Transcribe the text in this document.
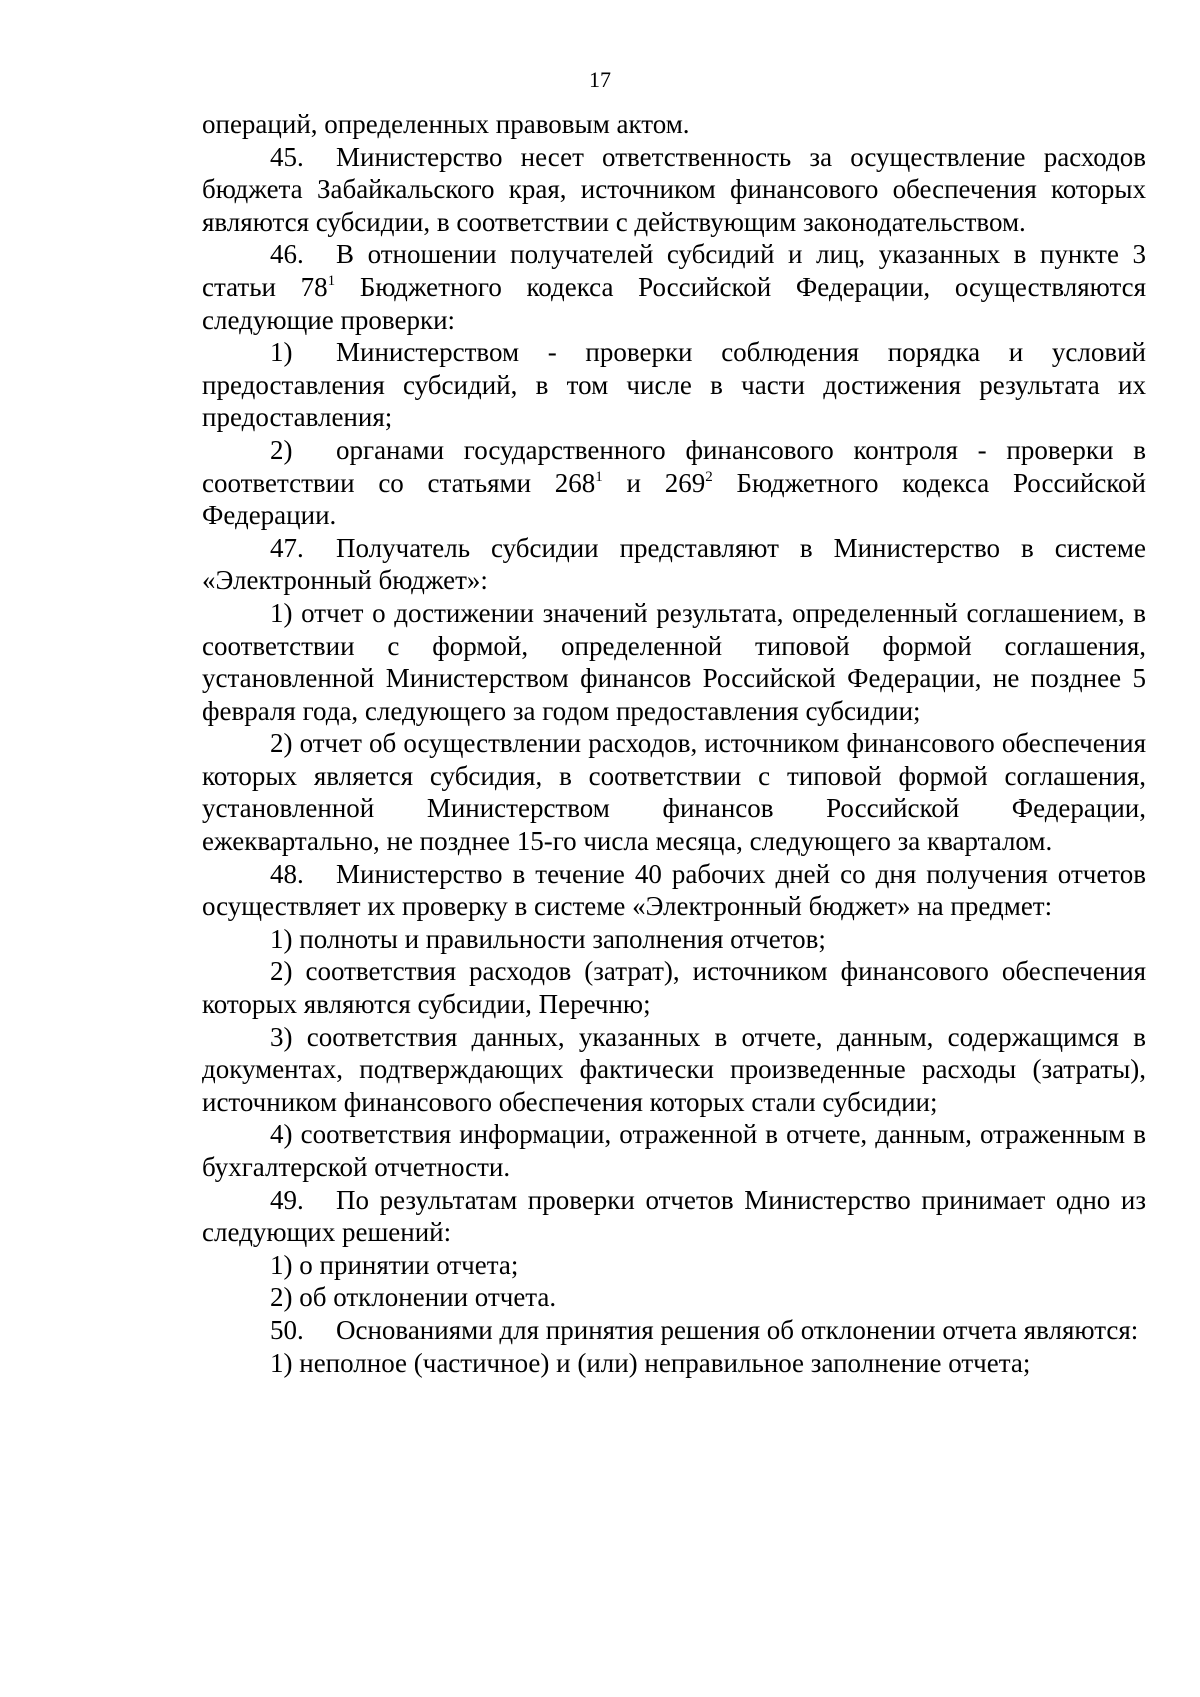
17

операций, определенных правовым актом.

45. Министерство несет ответственность за осуществление расходов бюджета Забайкальского края, источником финансового обеспечения которых являются субсидии, в соответствии с действующим законодательством.

46. В отношении получателей субсидий и лиц, указанных в пункте 3 статьи $78^1$ Бюджетного кодекса Российской Федерации, осуществляются следующие проверки:

1) Министерством - проверки соблюдения порядка и условий предоставления субсидий, в том числе в части достижения результата их предоставления;

2) органами государственного финансового контроля - проверки в соответствии со статьями $268^1$ и $269^2$ Бюджетного кодекса Российской Федерации.

47. Получатель субсидии представляют в Министерство в системе «Электронный бюджет»:

1) отчет о достижении значений результата, определенный соглашением, в соответствии с формой, определенной типовой формой соглашения, установленной Министерством финансов Российской Федерации, не позднее 5 февраля года, следующего за годом предоставления субсидии;

2) отчет об осуществлении расходов, источником финансового обеспечения которых является субсидия, в соответствии с типовой формой соглашения, установленной Министерством финансов Российской Федерации, ежеквартально, не позднее 15-го числа месяца, следующего за кварталом.

48. Министерство в течение 40 рабочих дней со дня получения отчетов осуществляет их проверку в системе «Электронный бюджет» на предмет:

1) полноты и правильности заполнения отчетов;

2) соответствия расходов (затрат), источником финансового обеспечения которых являются субсидии, Перечню;

3) соответствия данных, указанных в отчете, данным, содержащимся в документах, подтверждающих фактически произведенные расходы (затраты), источником финансового обеспечения которых стали субсидии;

4) соответствия информации, отраженной в отчете, данным, отраженным в бухгалтерской отчетности.

49. По результатам проверки отчетов Министерство принимает одно из следующих решений:

1) о принятии отчета;

2) об отклонении отчета.

50. Основаниями для принятия решения об отклонении отчета являются:

1) неполное (частичное) и (или) неправильное заполнение отчета;
